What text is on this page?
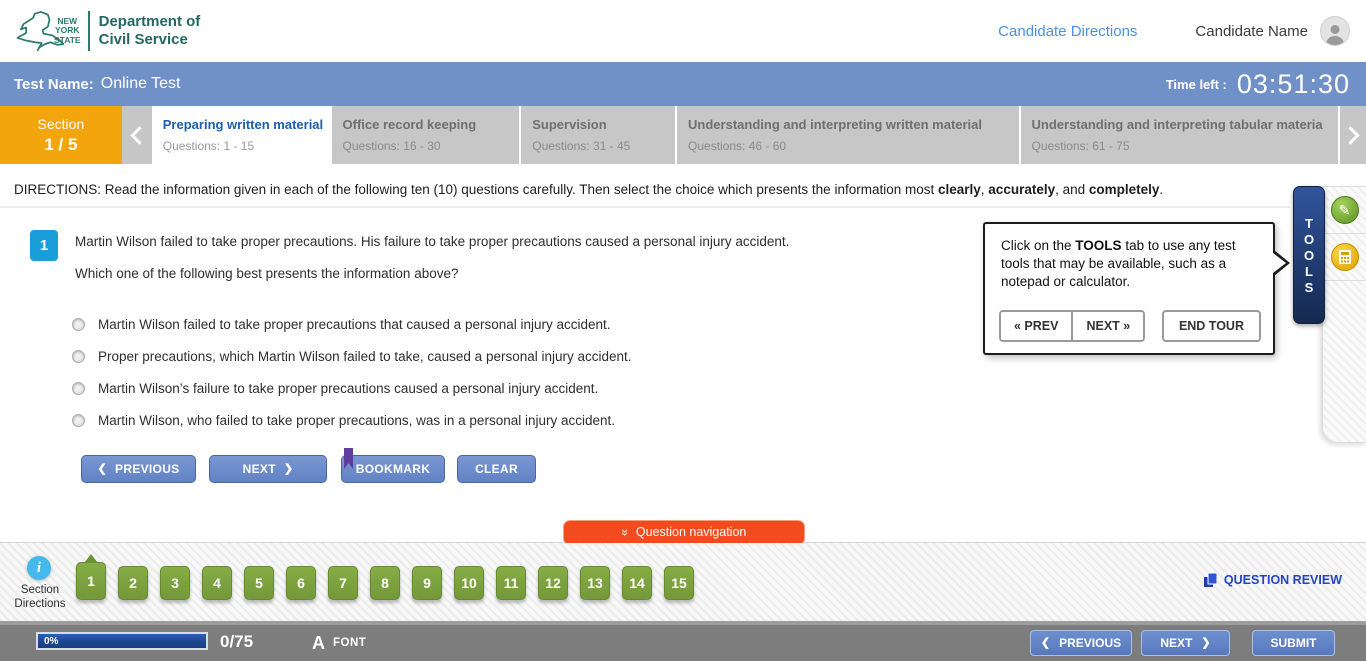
NEW
YORK
STATE
Department of
Civil Service	Candidate Directions	Candidate Name
Test Name: Online Test	Time left : 03:51:30
Section
1 / 5
Preparing written material
Questions: 1 - 15
Office record keeping
Questions: 16 - 30
Supervision
Questions: 31 - 45
Understanding and interpreting written material
Questions: 46 - 60
Understanding and interpreting tabular materia
Questions: 61 - 75
DIRECTIONS: Read the information given in each of the following ten (10) questions carefully. Then select the choice which presents the information most clearly, accurately, and completely.
1	Martin Wilson failed to take proper precautions. His failure to take proper precautions caused a personal injury accident.
Which one of the following best presents the information above?
Martin Wilson failed to take proper precautions that caused a personal injury accident.
Proper precautions, which Martin Wilson failed to take, caused a personal injury accident.
Martin Wilson’s failure to take proper precautions caused a personal injury accident.
Martin Wilson, who failed to take proper precautions, was in a personal injury accident.
❮ PREVIOUS	NEXT ❯	BOOKMARK	CLEAR
Click on the TOOLS tab to use any test tools that may be available, such as a notepad or calculator.
« PREV	NEXT »	END TOUR
T
O
O
L
S
✎
» Question navigation
i
Section
Directions
1	2	3	4	5	6	7	8	9	10	11	12	13	14	15	QUESTION REVIEW
0%	0/75	A FONT	❮ PREVIOUS	NEXT ❯	SUBMIT
